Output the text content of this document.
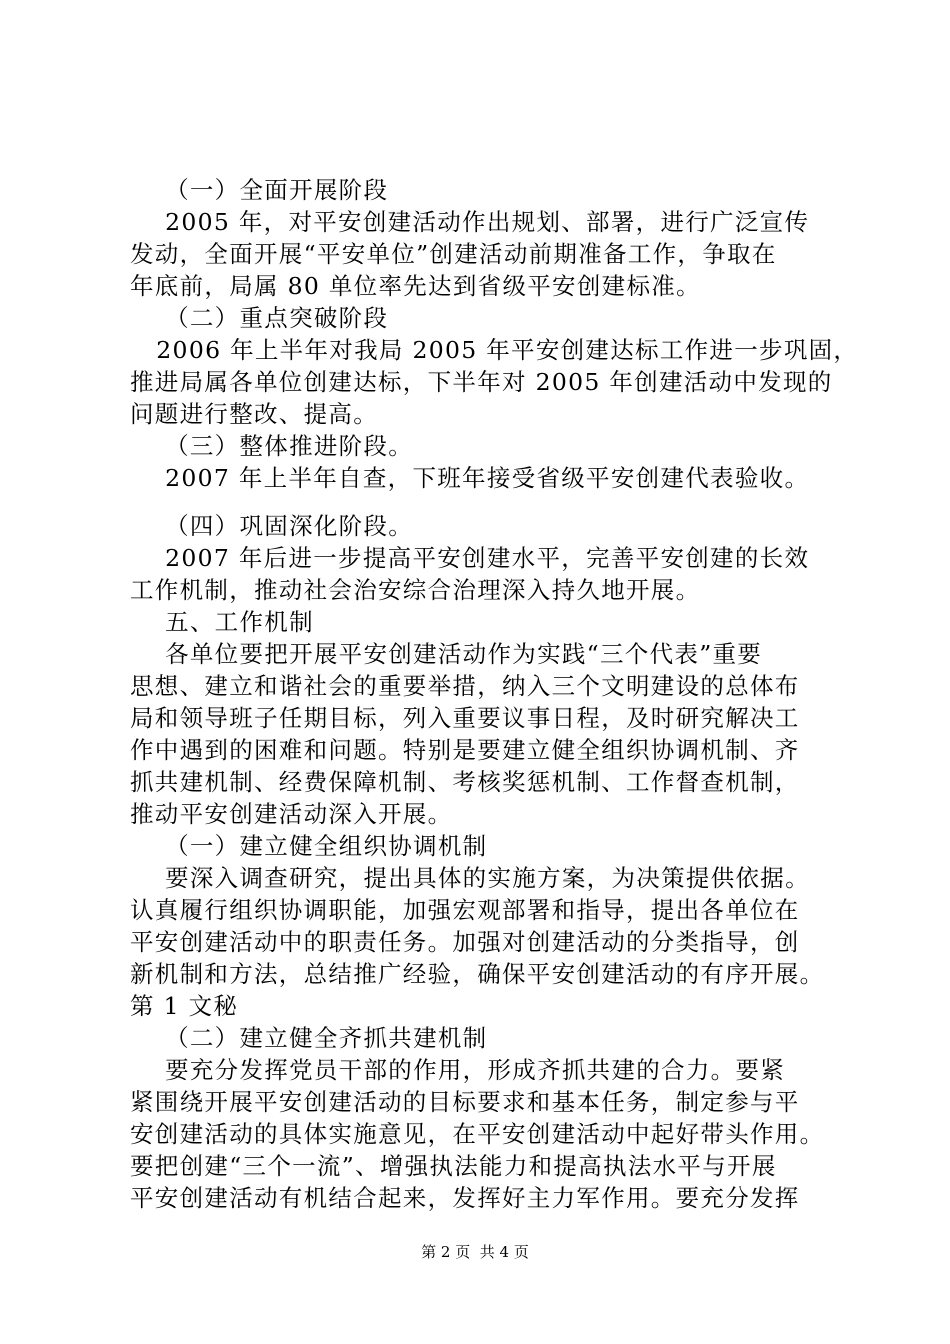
（一）全面开展阶段
2005 年，对平安创建活动作出规划、部署，进行广泛宣传
发动，全面开展“平安单位”创建活动前期准备工作，争取在
年底前，局属 80 单位率先达到省级平安创建标准。
（二）重点突破阶段
2006 年上半年对我局 2005 年平安创建达标工作进一步巩固，
推进局属各单位创建达标，下半年对 2005 年创建活动中发现的
问题进行整改、提高。
（三）整体推进阶段。
2007 年上半年自查，下班年接受省级平安创建代表验收。
（四）巩固深化阶段。
2007 年后进一步提高平安创建水平，完善平安创建的长效
工作机制，推动社会治安综合治理深入持久地开展。
五、工作机制
各单位要把开展平安创建活动作为实践“三个代表”重要
思想、建立和谐社会的重要举措，纳入三个文明建设的总体布
局和领导班子任期目标，列入重要议事日程，及时研究解决工
作中遇到的困难和问题。特别是要建立健全组织协调机制、齐
抓共建机制、经费保障机制、考核奖惩机制、工作督查机制，
推动平安创建活动深入开展。
（一）建立健全组织协调机制
要深入调查研究，提出具体的实施方案，为决策提供依据。
认真履行组织协调职能，加强宏观部署和指导，提出各单位在
平安创建活动中的职责任务。加强对创建活动的分类指导，创
新机制和方法，总结推广经验，确保平安创建活动的有序开展。
第 1 文秘
（二）建立健全齐抓共建机制
要充分发挥党员干部的作用，形成齐抓共建的合力。要紧
紧围绕开展平安创建活动的目标要求和基本任务，制定参与平
安创建活动的具体实施意见，在平安创建活动中起好带头作用。
要把创建“三个一流”、增强执法能力和提高执法水平与开展
平安创建活动有机结合起来，发挥好主力军作用。要充分发挥
第 2 页  共 4 页
